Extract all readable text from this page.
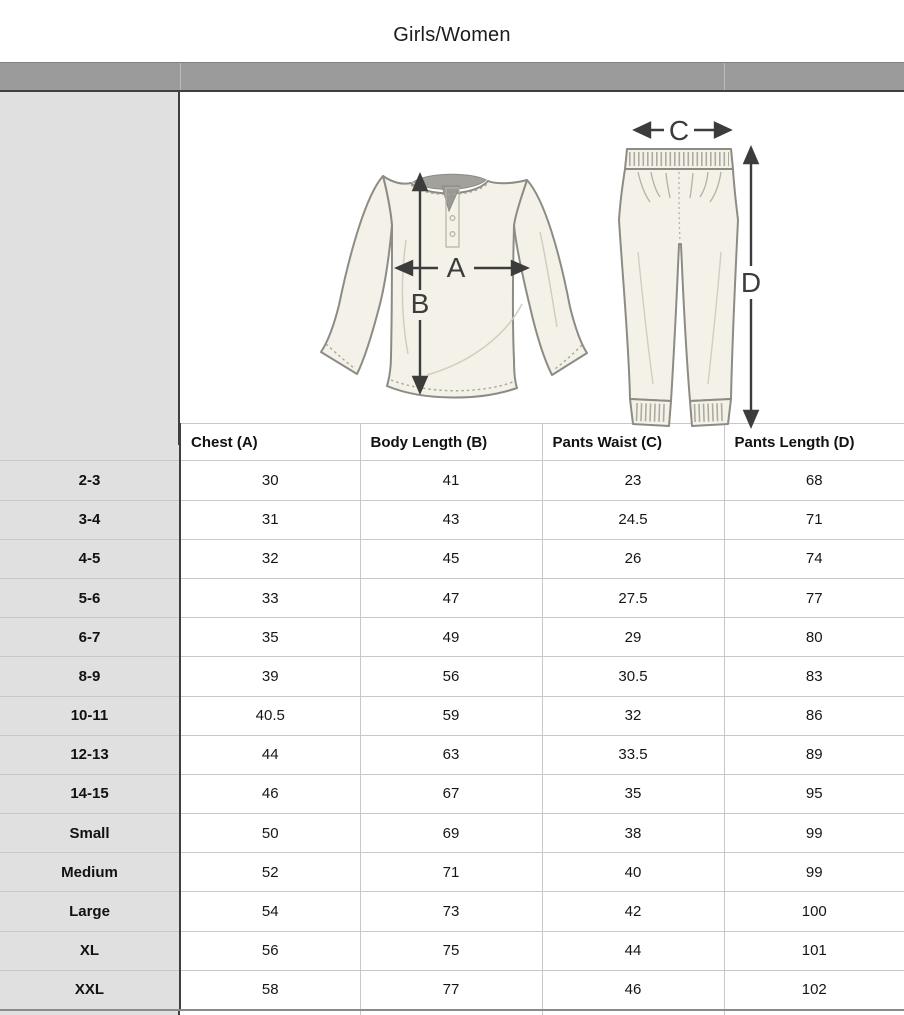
Girls/Women
A
B
C
D
	Chest (A)	Body Length (B)	Pants Waist (C)	Pants Length (D)
2-3	30	41	23	68
3-4	31	43	24.5	71
4-5	32	45	26	74
5-6	33	47	27.5	77
6-7	35	49	29	80
8-9	39	56	30.5	83
10-11	40.5	59	32	86
12-13	44	63	33.5	89
14-15	46	67	35	95
Small	50	69	38	99
Medium	52	71	40	99
Large	54	73	42	100
XL	56	75	44	101
XXL	58	77	46	102
